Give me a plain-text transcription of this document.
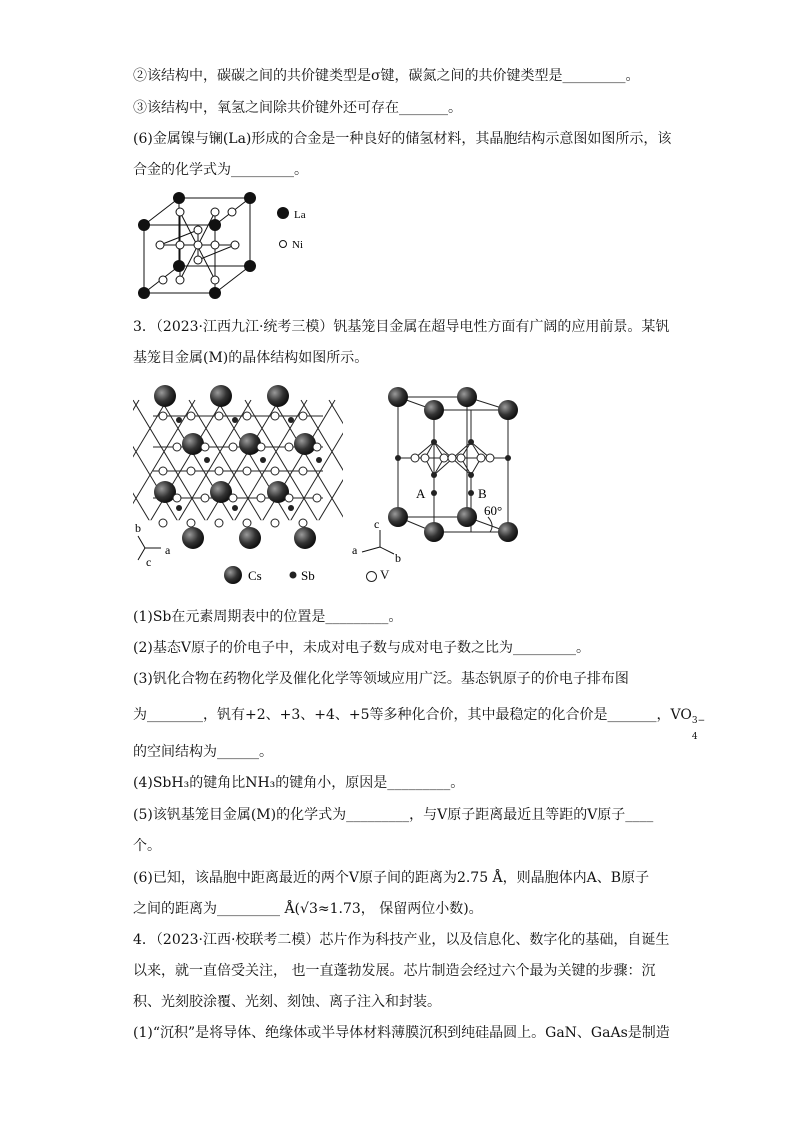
②该结构中，碳碳之间的共价键类型是σ键，碳氮之间的共价键类型是_________。
③该结构中，氧氢之间除共价键外还可存在_______。
(6)金属镍与镧(La)形成的合金是一种良好的储氢材料，其晶胞结构示意图如图所示，该
合金的化学式为_________。
La
Ni
3．（2023·江西九江·统考三模）钒基笼目金属在超导电性方面有广阔的应用前景。某钒
基笼目金属(M)的晶体结构如图所示。
b
c
a
Cs	Sb	V
A	B
60°
c
a
b
(1)Sb在元素周期表中的位置是_________。
(2)基态V原子的价电子中，未成对电子数与成对电子数之比为_________。
(3)钒化合物在药物化学及催化化学等领域应用广泛。基态钒原子的价电子排布图
为________，钒有+2、+3、+4、+5等多种化合价，其中最稳定的化合价是_______，VO 3−
4
的空间结构为______。
(4)SbH₃的键角比NH₃的键角小，原因是_________。
(5)该钒基笼目金属(M)的化学式为_________，与V原子距离最近且等距的V原子____
个。
(6)已知，该晶胞中距离最近的两个V原子间的距离为2.75 Å，则晶胞体内A、B原子
之间的距离为_________ Å(√3≈1.73， 保留两位小数)。
4．（2023·江西·校联考二模）芯片作为科技产业，以及信息化、数字化的基础，自诞生
以来，就一直倍受关注， 也一直蓬勃发展。芯片制造会经过六个最为关键的步骤：沉
积、光刻胶涂覆、光刻、刻蚀、离子注入和封装。
(1)“沉积”是将导体、绝缘体或半导体材料薄膜沉积到纯硅晶圆上。GaN、GaAs是制造
